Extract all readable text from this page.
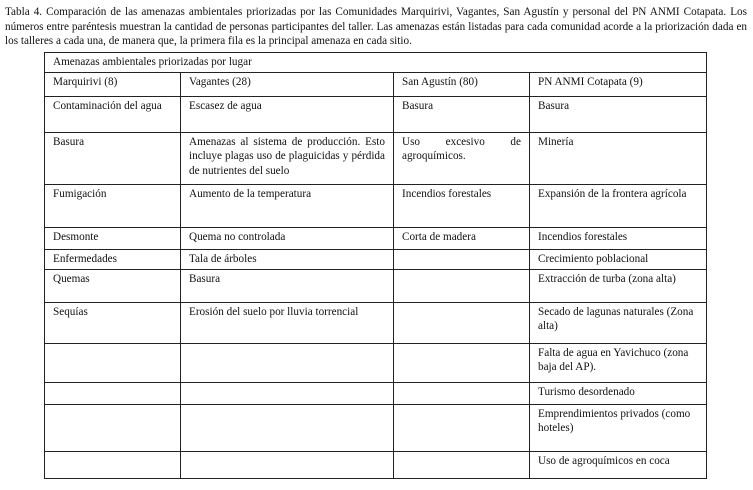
Tabla 4. Comparación de las amenazas ambientales priorizadas por las Comunidades Marquirivi, Vagantes, San Agustín y personal del PN ANMI Cotapata. Los números entre paréntesis muestran la cantidad de personas participantes del taller. Las amenazas están listadas para cada comunidad acorde a la priorización dada en los talleres a cada una, de manera que, la primera fila es la principal amenaza en cada sitio.

Amenazas ambientales priorizadas por lugar			
Marquirivi (8)	Vagantes (28)	San Agustín (80)	PN ANMI Cotapata (9)
Contaminación del agua	Escasez de agua	Basura	Basura
Basura	Amenazas al sistema de producción. Esto incluye plagas uso de plaguicidas y pérdida de nutrientes del suelo	Uso excesivo de agroquímicos.	Minería
Fumigación	Aumento de la temperatura	Incendios forestales	Expansión de la frontera agrícola
Desmonte	Quema no controlada	Corta de madera	Incendios forestales
Enfermedades	Tala de árboles		Crecimiento poblacional
Quemas	Basura		Extracción de turba (zona alta)
Sequías	Erosión del suelo por lluvia torrencial		Secado de lagunas naturales (Zona alta)
			Falta de agua en Yavichuco (zona baja del AP).
			Turismo desordenado
			Emprendimientos privados (como hoteles)
			Uso de agroquímicos en coca
